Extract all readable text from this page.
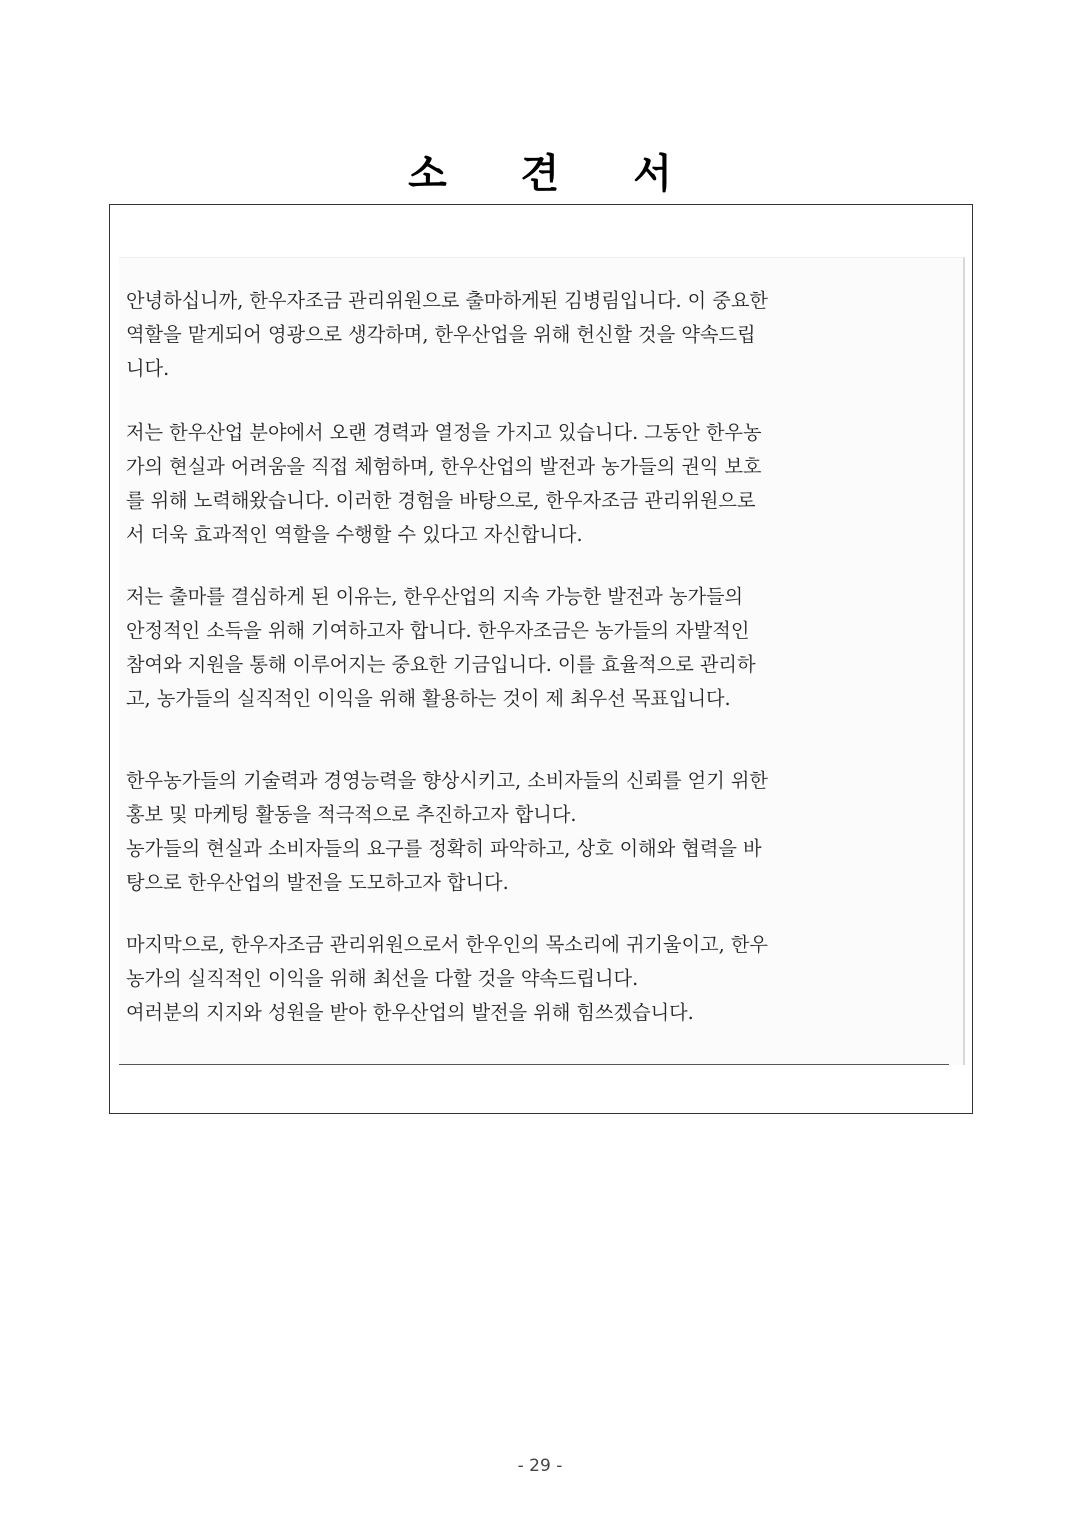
소 견 서
안녕하십니까, 한우자조금 관리위원으로 출마하게된 김병림입니다. 이 중요한
역할을 맡게되어 영광으로 생각하며, 한우산업을 위해 헌신할 것을 약속드립
니다.
저는 한우산업 분야에서 오랜 경력과 열정을 가지고 있습니다. 그동안 한우농
가의 현실과 어려움을 직접 체험하며, 한우산업의 발전과 농가들의 권익 보호
를 위해 노력해왔습니다. 이러한 경험을 바탕으로, 한우자조금 관리위원으로
서 더욱 효과적인 역할을 수행할 수 있다고 자신합니다.
저는 출마를 결심하게 된 이유는, 한우산업의 지속 가능한 발전과 농가들의
안정적인 소득을 위해 기여하고자 합니다. 한우자조금은 농가들의 자발적인
참여와 지원을 통해 이루어지는 중요한 기금입니다. 이를 효율적으로 관리하
고, 농가들의 실직적인 이익을 위해 활용하는 것이 제 최우선 목표입니다.
한우농가들의 기술력과 경영능력을 향상시키고, 소비자들의 신뢰를 얻기 위한
홍보 및 마케팅 활동을 적극적으로 추진하고자 합니다.
농가들의 현실과 소비자들의 요구를 정확히 파악하고, 상호 이해와 협력을 바
탕으로 한우산업의 발전을 도모하고자 합니다.
마지막으로, 한우자조금 관리위원으로서 한우인의 목소리에 귀기울이고, 한우
농가의 실직적인 이익을 위해 최선을 다할 것을 약속드립니다.
여러분의 지지와 성원을 받아 한우산업의 발전을 위해 힘쓰겠습니다.
- 29 -
